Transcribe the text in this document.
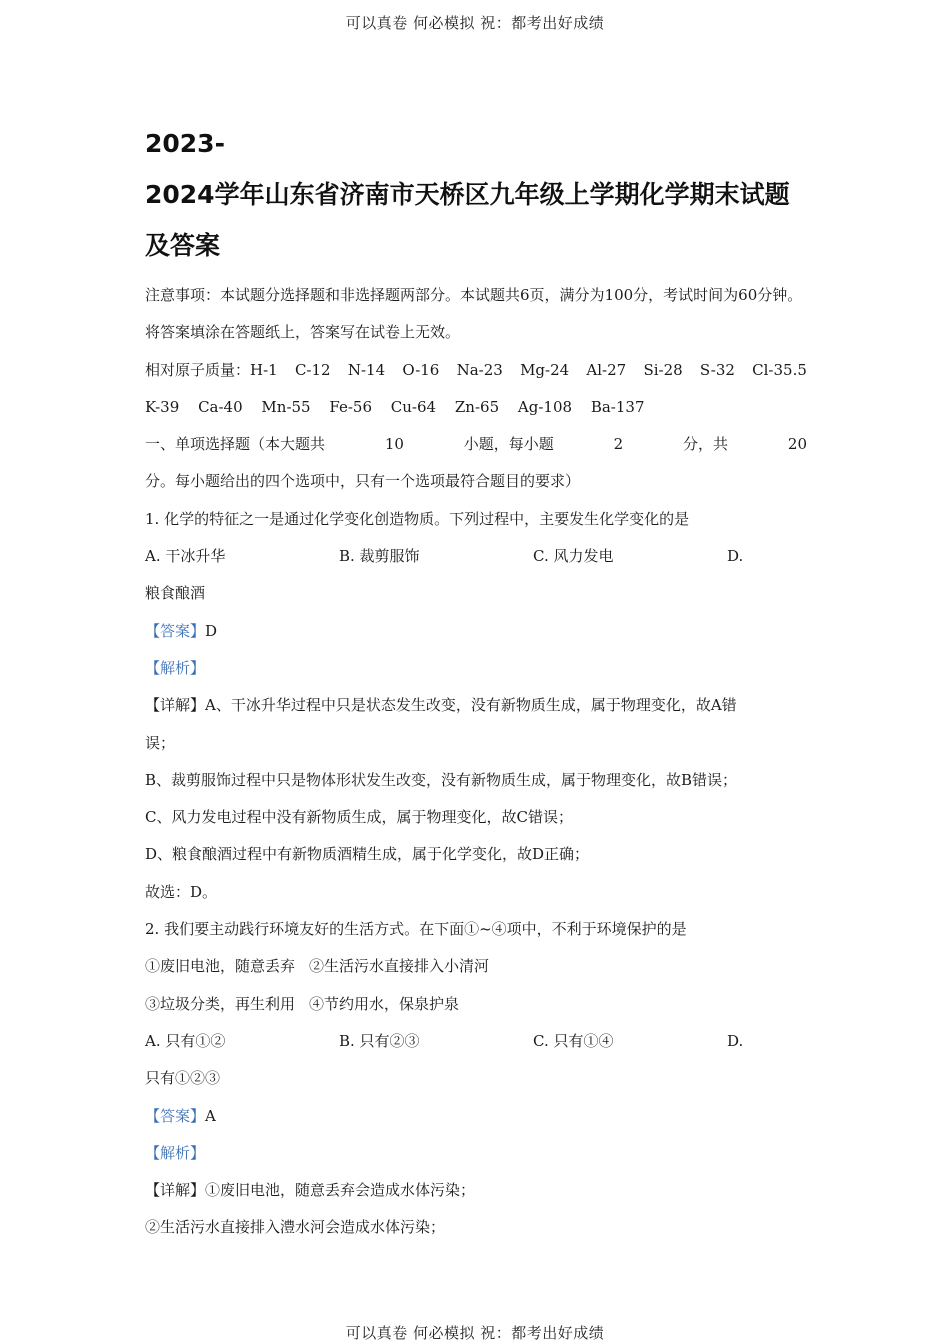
可以真卷 何必模拟 祝：都考出好成绩
2023-
2024学年山东省济南市天桥区九年级上学期化学期末试题
及答案
注意事项：本试题分选择题和非选择题两部分。本试题共6页，满分为100分，考试时间为60分钟。将答案填涂在答题纸上，答案写在试卷上无效。
相对原子质量：H-1 C-12 N-14 O-16 Na-23 Mg-24 Al-27 Si-28 S-32 Cl-35.5
K-39 Ca-40 Mn-55 Fe-56 Cu-64 Zn-65 Ag-108 Ba-137
一、单项选择题（本大题共	10	小题，每小题	2	分，共	20
分。每小题给出的四个选项中，只有一个选项最符合题目的要求）
1. 化学的特征之一是通过化学变化创造物质。下列过程中，主要发生化学变化的是
A. 干冰升华	B. 裁剪服饰	C. 风力发电	D.
粮食酿酒
【答案】D
【解析】
【详解】A、干冰升华过程中只是状态发生改变，没有新物质生成，属于物理变化，故A错
误；
B、裁剪服饰过程中只是物体形状发生改变，没有新物质生成，属于物理变化，故B错误；
C、风力发电过程中没有新物质生成，属于物理变化，故C错误；
D、粮食酿酒过程中有新物质酒精生成，属于化学变化，故D正确；
故选：D。
2. 我们要主动践行环境友好的生活方式。在下面①~④项中，不利于环境保护的是
①废旧电池，随意丢弃 ②生活污水直接排入小清河
③垃圾分类，再生利用 ④节约用水，保泉护泉
A. 只有①②	B. 只有②③	C. 只有①④	D.
只有①②③
【答案】A
【解析】
【详解】①废旧电池，随意丢弃会造成水体污染；
②生活污水直接排入澧水河会造成水体污染；
可以真卷 何必模拟 祝：都考出好成绩
